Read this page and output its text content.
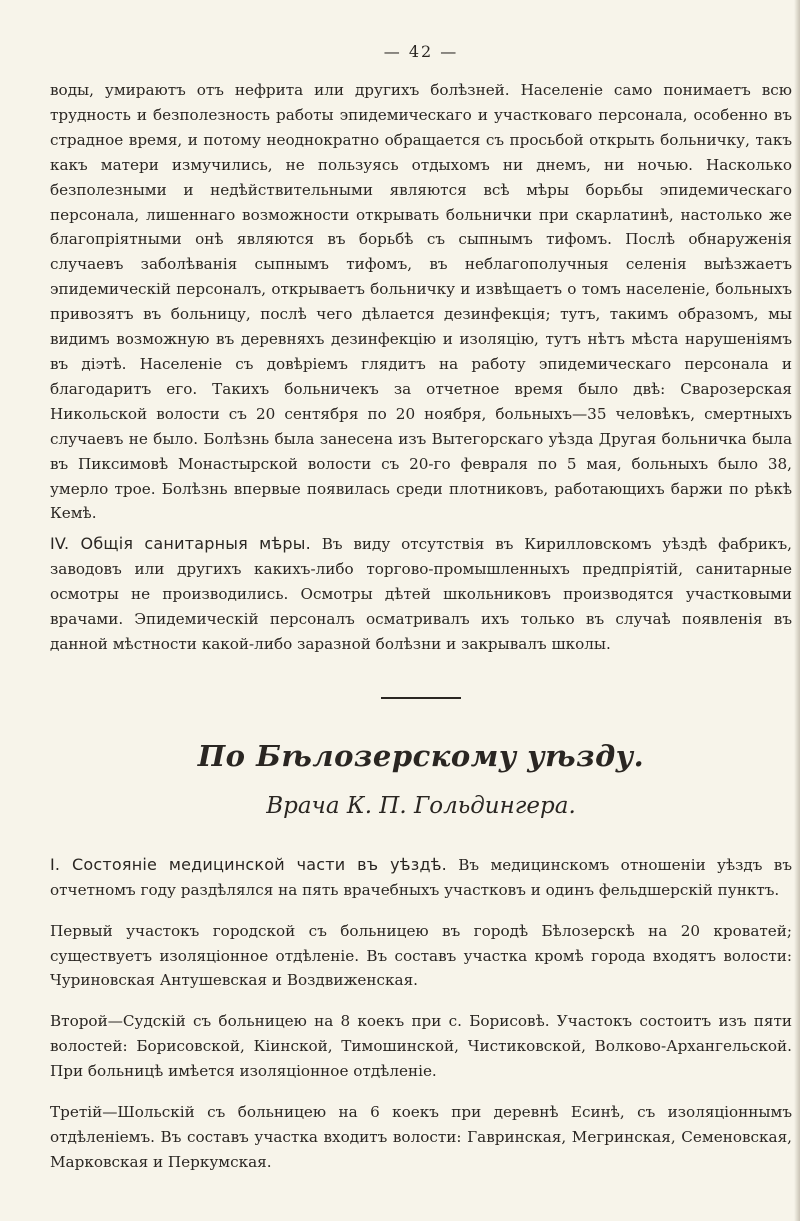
— 42 —

воды, умираютъ отъ нефрита или другихъ болѣзней. Населеніе само понимаетъ всю трудность и безполезность работы эпидемическаго и участковаго персонала, особенно въ страдное время, и потому неоднократно обращается съ просьбой открыть больничку, такъ какъ матери измучились, не пользуясь отдыхомъ ни днемъ, ни ночью. Насколько безполезными и недѣйствительными являются всѣ мѣры борьбы эпидемическаго персонала, лишеннаго возможности открывать больнички при скарлатинѣ, настолько же благопріятными онѣ являются въ борьбѣ съ сыпнымъ тифомъ. Послѣ обнаруженія случаевъ заболѣванія сыпнымъ тифомъ, въ неблагополучныя селенія выѣзжаетъ эпидемическій персоналъ, открываетъ больничку и извѣщаетъ о томъ населеніе, больныхъ привозятъ въ больницу, послѣ чего дѣлается дезинфекція; тутъ, такимъ образомъ, мы видимъ возможную въ деревняхъ дезинфекцію и изоляцію, тутъ нѣтъ мѣста нарушеніямъ въ діэтѣ. Населеніе съ довѣріемъ глядитъ на работу эпидемическаго персонала и благодаритъ его. Такихъ больничекъ за отчетное время было двѣ: Сварозерская Никольской волости съ 20 сентября по 20 ноября, больныхъ—35 человѣкъ, смертныхъ случаевъ не было. Болѣзнь была занесена изъ Вытегорскаго уѣзда Другая больничка была въ Пиксимовѣ Монастырской волости съ 20-го февраля по 5 мая, больныхъ было 38, умерло трое. Болѣзнь впервые появилась среди плотниковъ, работающихъ баржи по рѣкѣ Кемѣ.

IV. Общія санитарныя мѣры. Въ виду отсутствія въ Кирилловскомъ уѣздѣ фабрикъ, заводовъ или другихъ какихъ-либо торгово-промышленныхъ предпріятій, санитарные осмотры не производились. Осмотры дѣтей школьниковъ производятся участковыми врачами. Эпидемическій персоналъ осматривалъ ихъ только въ случаѣ появленія въ данной мѣстности какой-либо заразной болѣзни и закрывалъ школы.

По Бѣлозерскому уѣзду.
Врача К. П. Гольдингера.

I. Состояніе медицинской части въ уѣздѣ. Въ медицинскомъ отношеніи уѣздъ въ отчетномъ году раздѣлялся на пять врачебныхъ участковъ и одинъ фельдшерскій пунктъ.

Первый участокъ городской съ больницею въ городѣ Бѣлозерскѣ на 20 кроватей; существуетъ изоляціонное отдѣленіе. Въ составъ участка кромѣ города входятъ волости: Чуриновская Антушевская и Воздвиженская.

Второй—Судскій съ больницею на 8 коекъ при с. Борисовѣ. Участокъ состоитъ изъ пяти волостей: Борисовской, Кіинской, Тимошинской, Чистиковской, Волково-Архангельской. При больницѣ имѣется изоляціонное отдѣленіе.

Третій—Шольскій съ больницею на 6 коекъ при деревнѣ Есинѣ, съ изоляціоннымъ отдѣленіемъ. Въ составъ участка входитъ волости: Гавринская, Мегринская, Семеновская, Марковская и Перкумская.
